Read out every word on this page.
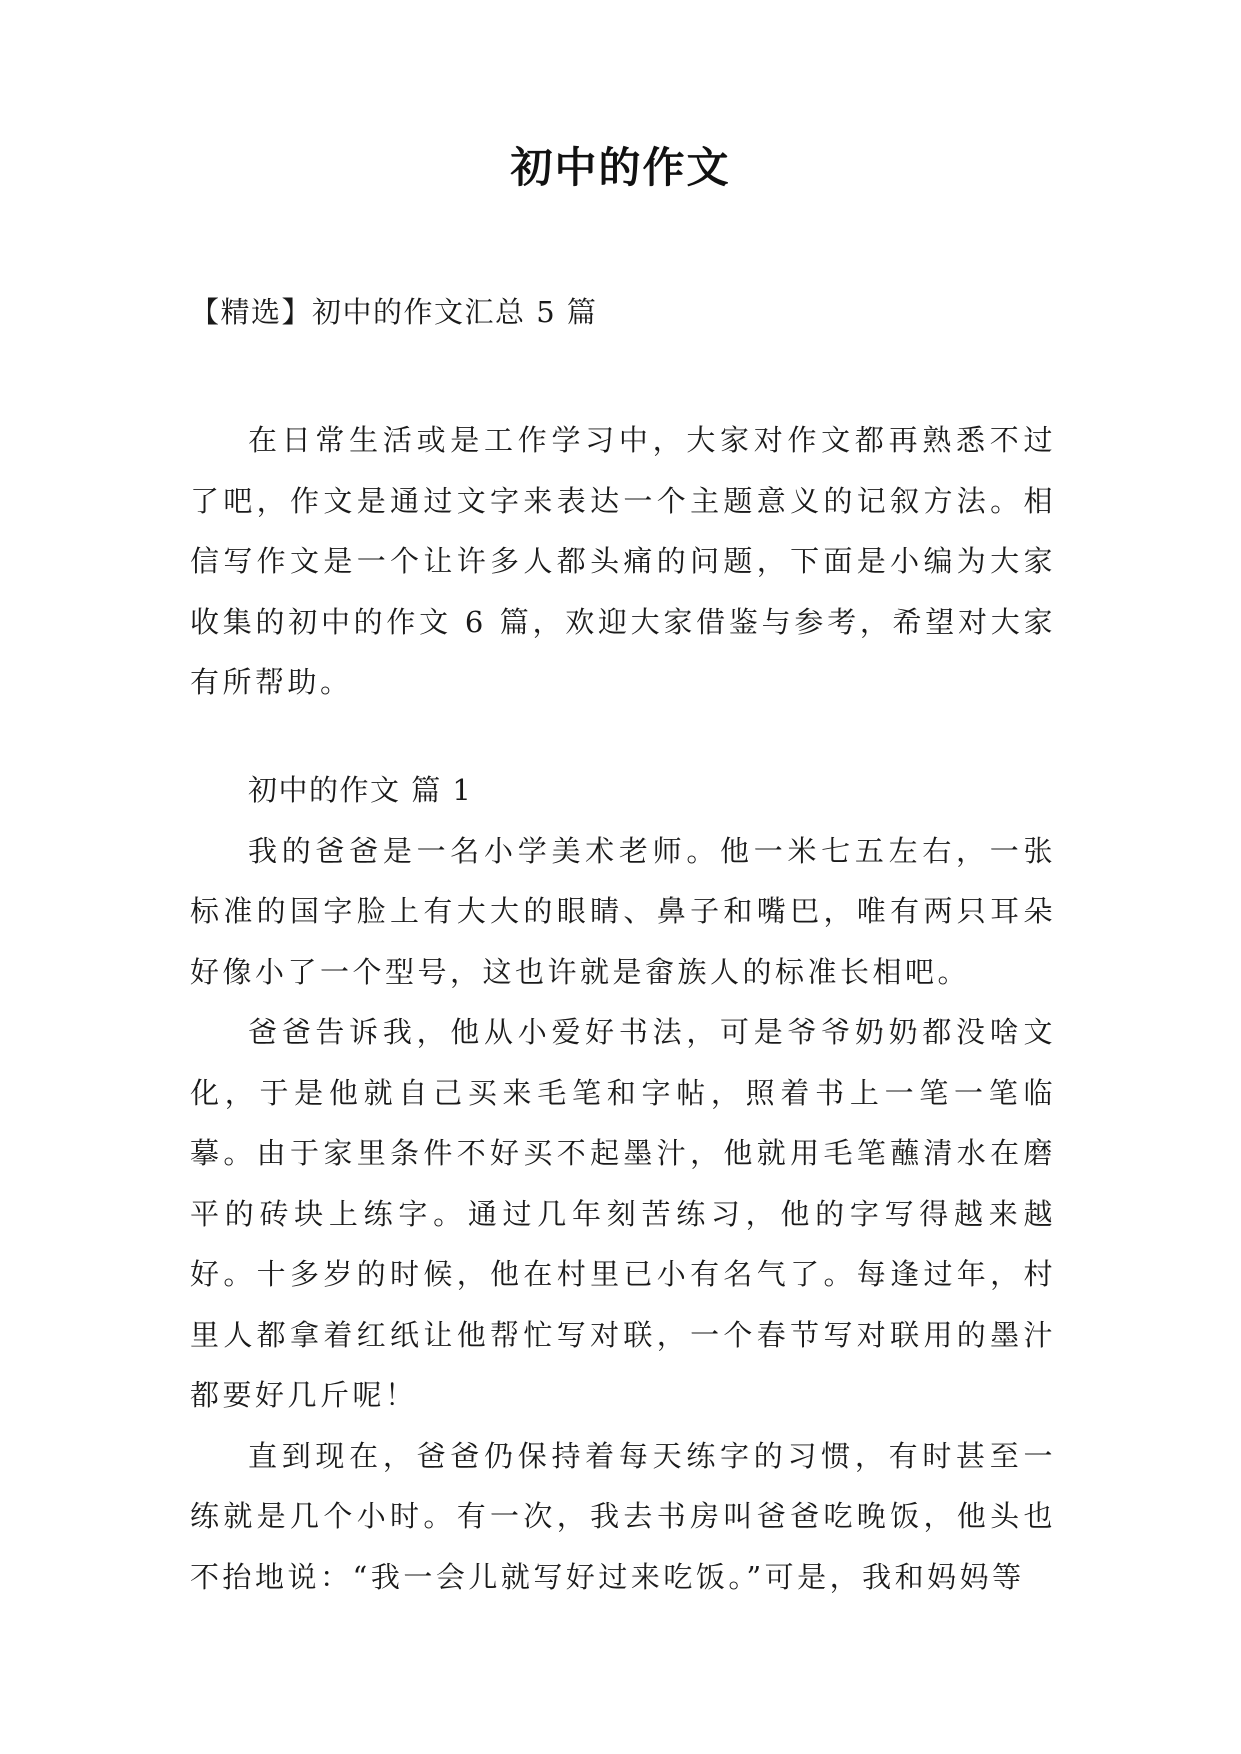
初中的作文
【精选】初中的作文汇总 5 篇

在日常生活或是工作学习中，大家对作文都再熟悉不过了吧，作文是通过文字来表达一个主题意义的记叙方法。相信写作文是一个让许多人都头痛的问题，下面是小编为大家收集的初中的作文 6 篇，欢迎大家借鉴与参考，希望对大家有所帮助。

初中的作文 篇 1

我的爸爸是一名小学美术老师。他一米七五左右，一张标准的国字脸上有大大的眼睛、鼻子和嘴巴，唯有两只耳朵好像小了一个型号，这也许就是畲族人的标准长相吧。

爸爸告诉我，他从小爱好书法，可是爷爷奶奶都没啥文化，于是他就自己买来毛笔和字帖，照着书上一笔一笔临摹。由于家里条件不好买不起墨汁，他就用毛笔蘸清水在磨平的砖块上练字。通过几年刻苦练习，他的字写得越来越好。十多岁的时候，他在村里已小有名气了。每逢过年，村里人都拿着红纸让他帮忙写对联，一个春节写对联用的墨汁都要好几斤呢！

直到现在，爸爸仍保持着每天练字的习惯，有时甚至一练就是几个小时。有一次，我去书房叫爸爸吃晚饭，他头也不抬地说：“我一会儿就写好过来吃饭。”可是，我和妈妈等
